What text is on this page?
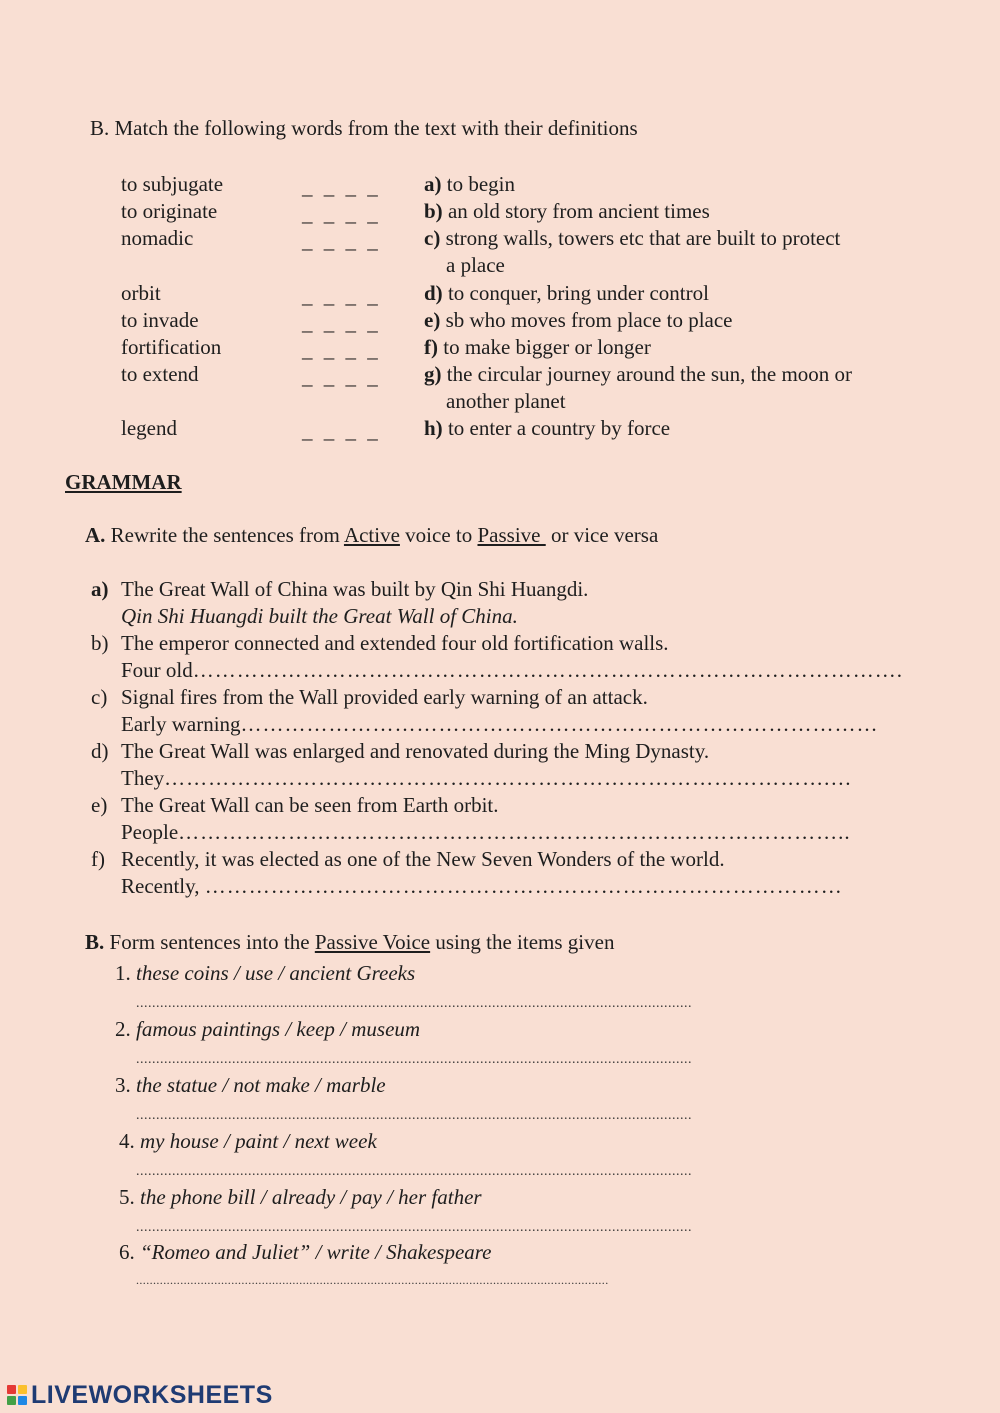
B. Match the following words from the text with their definitions
to subjugate
to originate
nomadic
orbit
to invade
fortification
to extend
legend
_ _ _ _
_ _ _ _
_ _ _ _
_ _ _ _
_ _ _ _
_ _ _ _
_ _ _ _
_ _ _ _
a) to begin
b) an old story from ancient times
c) strong walls, towers etc that are built to protect
a place
d) to conquer, bring under control
e) sb who moves from place to place
f) to make bigger or longer
g) the circular journey around the sun, the moon or
another planet
h) to enter a country by force
GRAMMAR
A. Rewrite the sentences from Active voice to Passive  or vice versa
a) The Great Wall of China was built by Qin Shi Huangdi.
Qin Shi Huangdi built the Great Wall of China.
b) The emperor connected and extended four old fortification walls.
Four old…………………………………………………………………………………….
c) Signal fires from the Wall provided early warning of an attack.
Early warning……………………………………………………………………………
d) The Great Wall was enlarged and renovated during the Ming Dynasty.
They……………………………………………………………………………….…
e) The Great Wall can be seen from Earth orbit.
People………………………………………………………………………………..
f) Recently, it was elected as one of the New Seven Wonders of the world.
Recently, ……………………………………………………………………………
B. Form sentences into the Passive Voice using the items given
1. these coins / use / ancient Greeks
...........................................................................................................................................
2. famous paintings / keep / museum
...........................................................................................................................................
3. the statue / not make / marble
...........................................................................................................................................
4. my house / paint / next week
...........................................................................................................................................
5. the phone bill / already / pay / her father
...........................................................................................................................................
6. “Romeo and Juliet” / write / Shakespeare
...........................................................................................................................................
LIVEWORKSHEETS
